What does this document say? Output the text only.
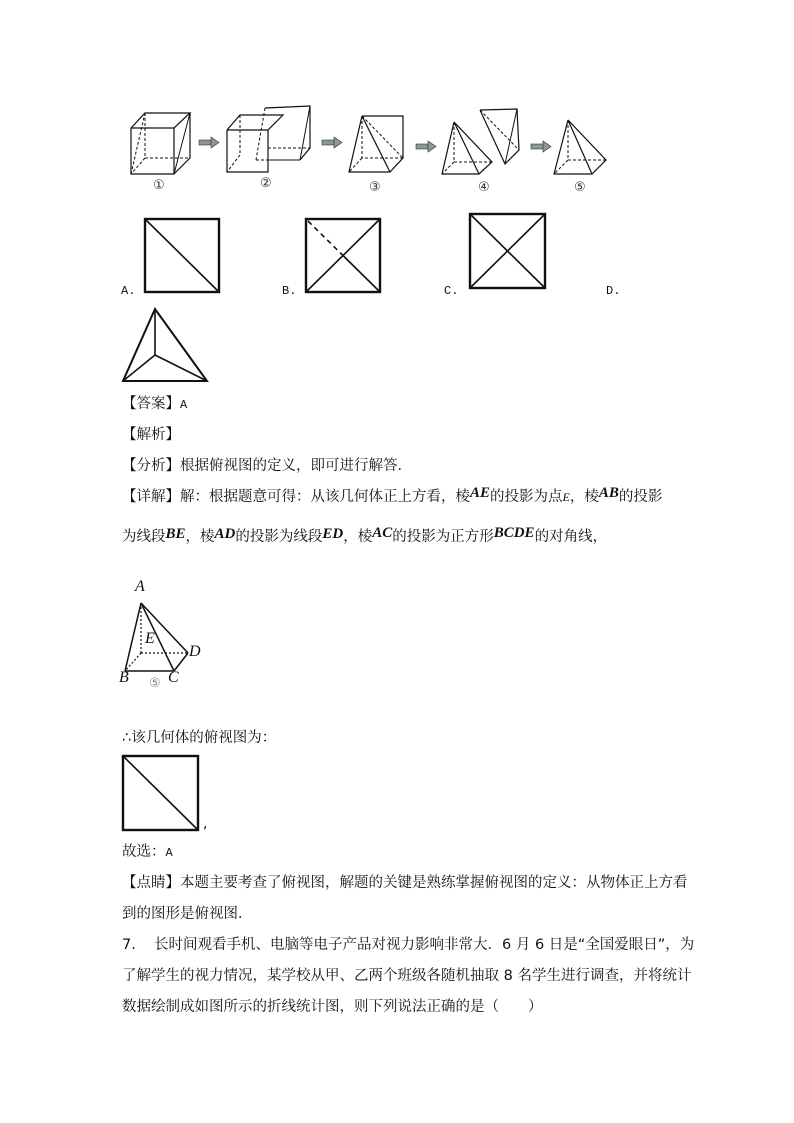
①	②	③	④	⑤
A.	B.	C.	D.
【答案】A
【解析】
【分析】根据俯视图的定义，即可进行解答．
【详解】解：根据题意可得：从该几何体正上方看，棱AE的投影为点E，棱AB的投影
为线段BE，棱AD的投影为线段ED，棱AC的投影为正方形BCDE的对角线，
A
E
D
B C
⑤
∴该几何体的俯视图为：
,
故选：A
【点睛】本题主要考查了俯视图，解题的关键是熟练掌握俯视图的定义：从物体正上方看
到的图形是俯视图．
7. 长时间观看手机、电脑等电子产品对视力影响非常大．6 月 6 日是“全国爱眼日”，为
了解学生的视力情况，某学校从甲、乙两个班级各随机抽取 8 名学生进行调查，并将统计
数据绘制成如图所示的折线统计图，则下列说法正确的是（　　）
